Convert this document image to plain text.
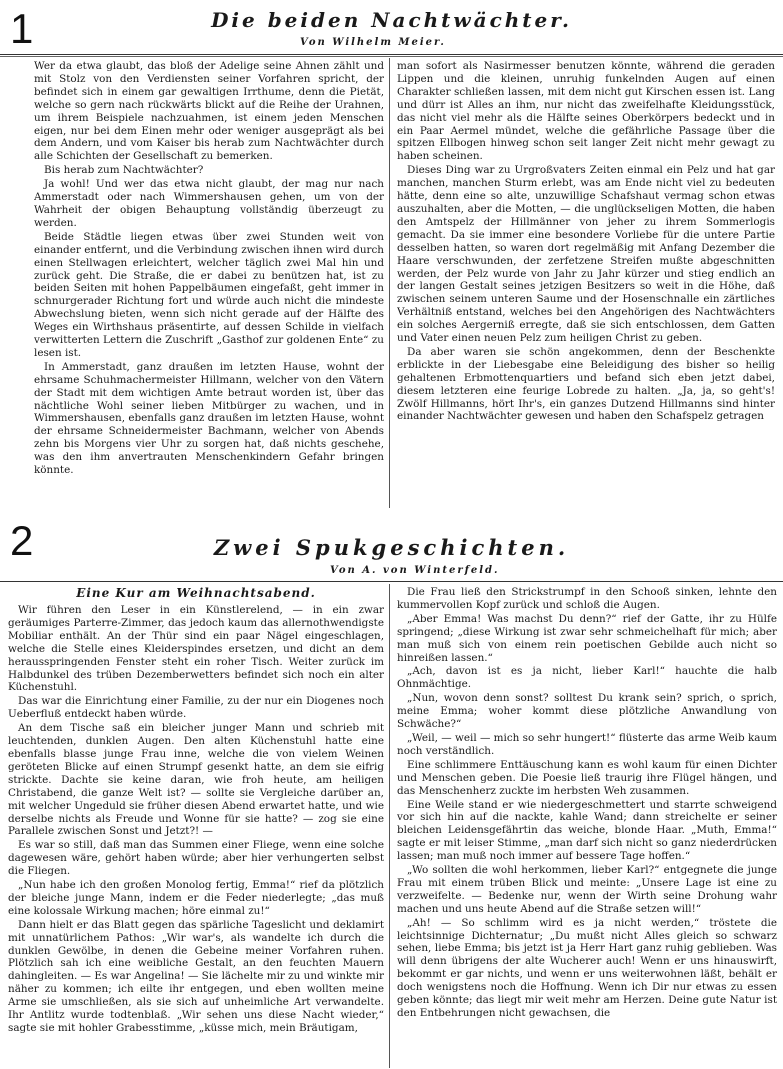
1	Die beiden Nachtwächter.
Von Wilhelm Meier.

Wer da etwa glaubt, das bloß der Adelige seine Ahnen zählt und mit Stolz von den Verdiensten seiner Vorfahren spricht, der befindet sich in einem gar gewaltigen Irrthume, denn die Pietät, welche so gern nach rückwärts blickt auf die Reihe der Urahnen, um ihrem Beispiele nachzuahmen, ist einem jeden Menschen eigen, nur bei dem Einen mehr oder weniger ausgeprägt als bei dem Andern, und vom Kaiser bis herab zum Nachtwächter durch alle Schichten der Gesellschaft zu bemerken.

Bis herab zum Nachtwächter?

Ja wohl! Und wer das etwa nicht glaubt, der mag nur nach Ammerstadt oder nach Wimmershausen gehen, um von der Wahrheit der obigen Behauptung vollständig überzeugt zu werden.

Beide Städtle liegen etwas über zwei Stunden weit von einander entfernt, und die Verbindung zwischen ihnen wird durch einen Stellwagen erleichtert, welcher täglich zwei Mal hin und zurück geht. Die Straße, die er dabei zu benützen hat, ist zu beiden Seiten mit hohen Pappelbäumen eingefaßt, geht immer in schnurgerader Richtung fort und würde auch nicht die mindeste Abwechslung bieten, wenn sich nicht gerade auf der Hälfte des Weges ein Wirthshaus präsentirte, auf dessen Schilde in vielfach verwitterten Lettern die Zuschrift „Gasthof zur goldenen Ente“ zu lesen ist.

In Ammerstadt, ganz draußen im letzten Hause, wohnt der ehrsame Schuhmachermeister Hillmann, welcher von den Vätern der Stadt mit dem wichtigen Amte betraut worden ist, über das nächtliche Wohl seiner lieben Mitbürger zu wachen, und in Wimmershausen, ebenfalls ganz draußen im letzten Hause, wohnt der ehrsame Schneidermeister Bachmann, welcher von Abends zehn bis Morgens vier Uhr zu sorgen hat, daß nichts geschehe, was den ihm anvertrauten Menschenkindern Gefahr bringen könnte.

man sofort als Nasirmesser benutzen könnte, während die geraden Lippen und die kleinen, unruhig funkelnden Augen auf einen Charakter schließen lassen, mit dem nicht gut Kirschen essen ist. Lang und dürr ist Alles an ihm, nur nicht das zweifelhafte Kleidungsstück, das nicht viel mehr als die Hälfte seines Oberkörpers bedeckt und in ein Paar Aermel mündet, welche die gefährliche Passage über die spitzen Ellbogen hinweg schon seit langer Zeit nicht mehr gewagt zu haben scheinen.

Dieses Ding war zu Urgroßvaters Zeiten einmal ein Pelz und hat gar manchen, manchen Sturm erlebt, was am Ende nicht viel zu bedeuten hätte, denn eine so alte, unzuwillige Schafshaut vermag schon etwas auszuhalten, aber die Motten, — die unglückseligen Motten, die haben den Amtspelz der Hillmänner von jeher zu ihrem Sommerlogis gemacht. Da sie immer eine besondere Vorliebe für die untere Partie desselben hatten, so waren dort regelmäßig mit Anfang Dezember die Haare verschwunden, der zerfetzene Streifen mußte abgeschnitten werden, der Pelz wurde von Jahr zu Jahr kürzer und stieg endlich an der langen Gestalt seines jetzigen Besitzers so weit in die Höhe, daß zwischen seinem unteren Saume und der Hosenschnalle ein zärtliches Verhältniß entstand, welches bei den Angehörigen des Nachtwächters ein solches Aergerniß erregte, daß sie sich entschlossen, dem Gatten und Vater einen neuen Pelz zum heiligen Christ zu geben.

Da aber waren sie schön angekommen, denn der Beschenkte erblickte in der Liebesgabe eine Beleidigung des bisher so heilig gehaltenen Erbmottenquartiers und befand sich eben jetzt dabei, diesem letzteren eine feurige Lobrede zu halten. „Ja, ja, so geht's! Zwölf Hillmanns, hört Ihr's, ein ganzes Dutzend Hillmanns sind hinter einander Nachtwächter gewesen und haben den Schafspelz getragen

2	Zwei Spukgeschichten.
Von A. von Winterfeld.
Eine Kur am Weihnachtsabend.

Wir führen den Leser in ein Künstlerelend, — in ein zwar geräumiges Parterre-Zimmer, das jedoch kaum das allernothwendigste Mobiliar enthält. An der Thür sind ein paar Nägel eingeschlagen, welche die Stelle eines Kleiderspindes ersetzen, und dicht an dem herausspringenden Fenster steht ein roher Tisch. Weiter zurück im Halbdunkel des trüben Dezemberwetters befindet sich noch ein alter Küchenstuhl.

Das war die Einrichtung einer Familie, zu der nur ein Diogenes noch Ueberfluß entdeckt haben würde.

An dem Tische saß ein bleicher junger Mann und schrieb mit leuchtenden, dunklen Augen. Den alten Küchenstuhl hatte eine ebenfalls blasse junge Frau inne, welche die von vielem Weinen geröteten Blicke auf einen Strumpf gesenkt hatte, an dem sie eifrig strickte. Dachte sie keine daran, wie froh heute, am heiligen Christabend, die ganze Welt ist? — sollte sie Vergleiche darüber an, mit welcher Ungeduld sie früher diesen Abend erwartet hatte, und wie derselbe nichts als Freude und Wonne für sie hatte? — zog sie eine Parallele zwischen Sonst und Jetzt?! —

Es war so still, daß man das Summen einer Fliege, wenn eine solche dagewesen wäre, gehört haben würde; aber hier verhungerten selbst die Fliegen.

„Nun habe ich den großen Monolog fertig, Emma!“ rief da plötzlich der bleiche junge Mann, indem er die Feder niederlegte; „das muß eine kolossale Wirkung machen; höre einmal zu!“

Dann hielt er das Blatt gegen das spärliche Tageslicht und deklamirt mit unnatürlichem Pathos: „Wir war's, als wandelte ich durch die dunklen Gewölbe, in denen die Gebeine meiner Vorfahren ruhen. Plötzlich sah ich eine weibliche Gestalt, an den feuchten Mauern dahingleiten. — Es war Angelina! — Sie lächelte mir zu und winkte mir näher zu kommen; ich eilte ihr entgegen, und eben wollten meine Arme sie umschließen, als sie sich auf unheimliche Art verwandelte. Ihr Antlitz wurde todtenblaß. „Wir sehen uns diese Nacht wieder,“ sagte sie mit hohler Grabesstimme, „küsse mich, mein Bräutigam,

Die Frau ließ den Strickstrumpf in den Schooß sinken, lehnte den kummervollen Kopf zurück und schloß die Augen.

„Aber Emma! Was machst Du denn?“ rief der Gatte, ihr zu Hülfe springend; „diese Wirkung ist zwar sehr schmeichelhaft für mich; aber man muß sich von einem rein poetischen Gebilde auch nicht so hinreißen lassen.“

„Ach, davon ist es ja nicht, lieber Karl!“ hauchte die halb Ohnmächtige.

„Nun, wovon denn sonst? solltest Du krank sein? sprich, o sprich, meine Emma; woher kommt diese plötzliche Anwandlung von Schwäche?“

„Weil, — weil — mich so sehr hungert!“ flüsterte das arme Weib kaum noch verständlich.

Eine schlimmere Enttäuschung kann es wohl kaum für einen Dichter und Menschen geben. Die Poesie ließ traurig ihre Flügel hängen, und das Menschenherz zuckte im herbsten Weh zusammen.

Eine Weile stand er wie niedergeschmettert und starrte schweigend vor sich hin auf die nackte, kahle Wand; dann streichelte er seiner bleichen Leidensgefährtin das weiche, blonde Haar. „Muth, Emma!“ sagte er mit leiser Stimme, „man darf sich nicht so ganz niederdrücken lassen; man muß noch immer auf bessere Tage hoffen.“

„Wo sollten die wohl herkommen, lieber Karl?“ entgegnete die junge Frau mit einem trüben Blick und meinte: „Unsere Lage ist eine zu verzweifelte. — Bedenke nur, wenn der Wirth seine Drohung wahr machen und uns heute Abend auf die Straße setzen will!“

„Ah! — So schlimm wird es ja nicht werden,“ tröstete die leichtsinnige Dichternatur; „Du mußt nicht Alles gleich so schwarz sehen, liebe Emma; bis jetzt ist ja Herr Hart ganz ruhig geblieben. Was will denn übrigens der alte Wucherer auch! Wenn er uns hinauswirft, bekommt er gar nichts, und wenn er uns weiterwohnen läßt, behält er doch wenigstens noch die Hoffnung. Wenn ich Dir nur etwas zu essen geben könnte; das liegt mir weit mehr am Herzen. Deine gute Natur ist den Entbehrungen nicht gewachsen, die
